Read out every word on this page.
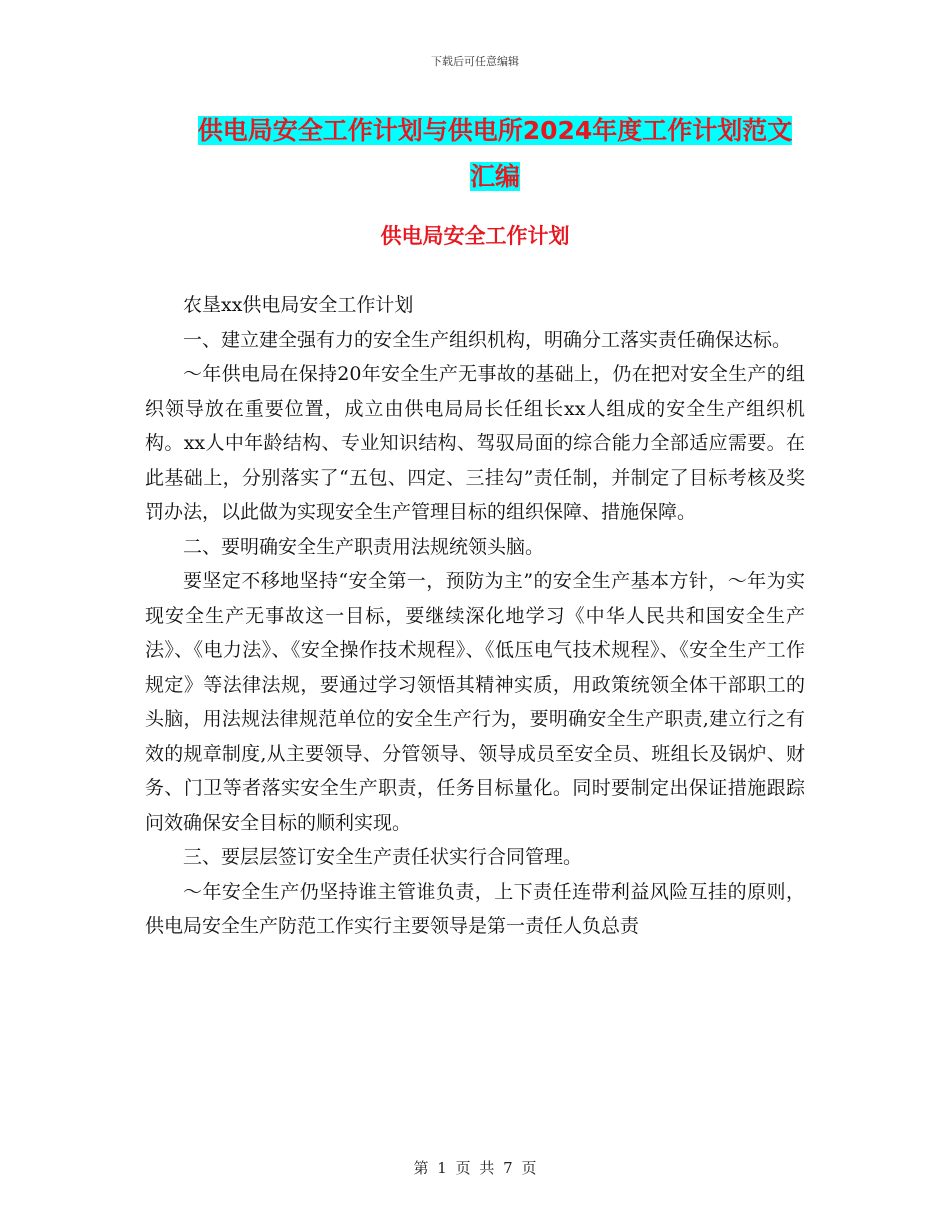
下载后可任意编辑
供电局安全工作计划与供电所2024年度工作计划范文
汇编
供电局安全工作计划

农垦xx供电局安全工作计划

一、建立建全强有力的安全生产组织机构，明确分工落实责任确保达标。

～年供电局在保持20年安全生产无事故的基础上，仍在把对安全生产的组织领导放在重要位置，成立由供电局局长任组长xx人组成的安全生产组织机构。xx人中年龄结构、专业知识结构、驾驭局面的综合能力全部适应需要。在此基础上，分别落实了“五包、四定、三挂勾”责任制，并制定了目标考核及奖罚办法，以此做为实现安全生产管理目标的组织保障、措施保障。

二、要明确安全生产职责用法规统领头脑。

要坚定不移地坚持“安全第一，预防为主”的安全生产基本方针，～年为实现安全生产无事故这一目标，要继续深化地学习《中华人民共和国安全生产法》、《电力法》、《安全操作技术规程》、《低压电气技术规程》、《安全生产工作规定》等法律法规，要通过学习领悟其精神实质，用政策统领全体干部职工的头脑，用法规法律规范单位的安全生产行为，要明确安全生产职责,建立行之有效的规章制度,从主要领导、分管领导、领导成员至安全员、班组长及锅炉、财务、门卫等者落实安全生产职责，任务目标量化。同时要制定出保证措施跟踪问效确保安全目标的顺利实现。

三、要层层签订安全生产责任状实行合同管理。

～年安全生产仍坚持谁主管谁负责，上下责任连带利益风险互挂的原则，供电局安全生产防范工作实行主要领导是第一责任人负总责

第 1 页 共 7 页
